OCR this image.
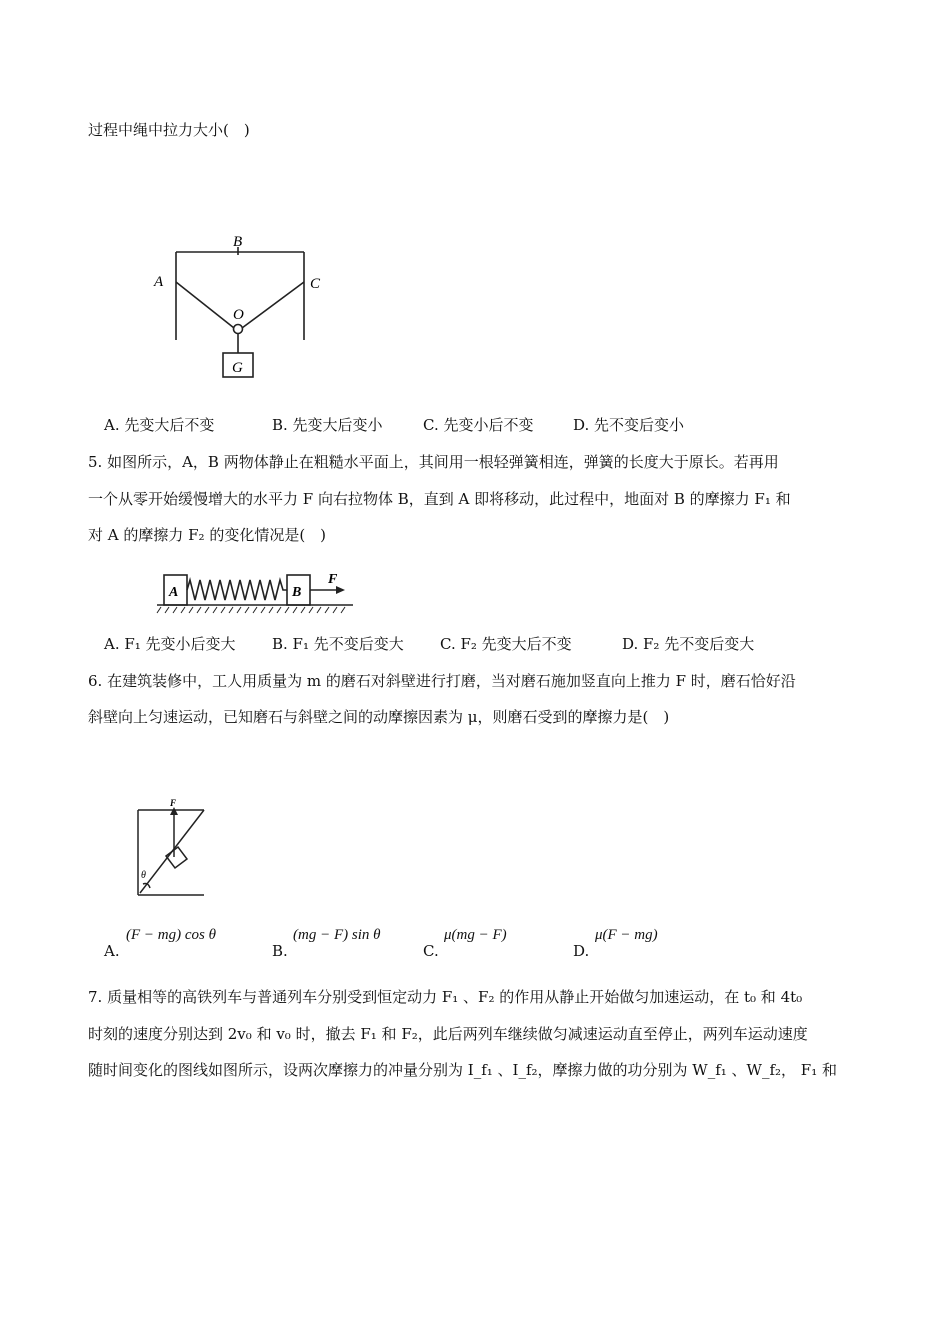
过程中绳中拉力大小(　)
B
A	C
O
G
A. 先变大后不变	B. 先变大后变小	C. 先变小后不变	D. 先不变后变小
5. 如图所示，A，B 两物体静止在粗糙水平面上，其间用一根轻弹簧相连，弹簧的长度大于原长。若再用
一个从零开始缓慢增大的水平力 F 向右拉物体 B，直到 A 即将移动，此过程中，地面对 B 的摩擦力 F₁ 和
对 A 的摩擦力 F₂ 的变化情况是(　)
A	B
F
A. F₁ 先变小后变大 B. F₁ 先不变后变大 C. F₂ 先变大后不变	D. F₂ 先不变后变大
6. 在建筑装修中，工人用质量为 m 的磨石对斜壁进行打磨，当对磨石施加竖直向上推力 F 时，磨石恰好沿
斜壁向上匀速运动，已知磨石与斜壁之间的动摩擦因素为 μ，则磨石受到的摩擦力是(　)
F
θ
A.
(F − mg) cos θ
B.
(mg − F) sin θ
C.
μ(mg − F)
D.
μ(F − mg)
7. 质量相等的高铁列车与普通列车分别受到恒定动力 F₁ 、F₂ 的作用从静止开始做匀加速运动，在 t₀ 和 4t₀
时刻的速度分别达到 2v₀ 和 v₀ 时，撤去 F₁ 和 F₂，此后两列车继续做匀减速运动直至停止，两列车运动速度
随时间变化的图线如图所示，设两次摩擦力的冲量分别为 I_f₁ 、I_f₂，摩擦力做的功分别为 W_f₁ 、W_f₂， F₁ 和
